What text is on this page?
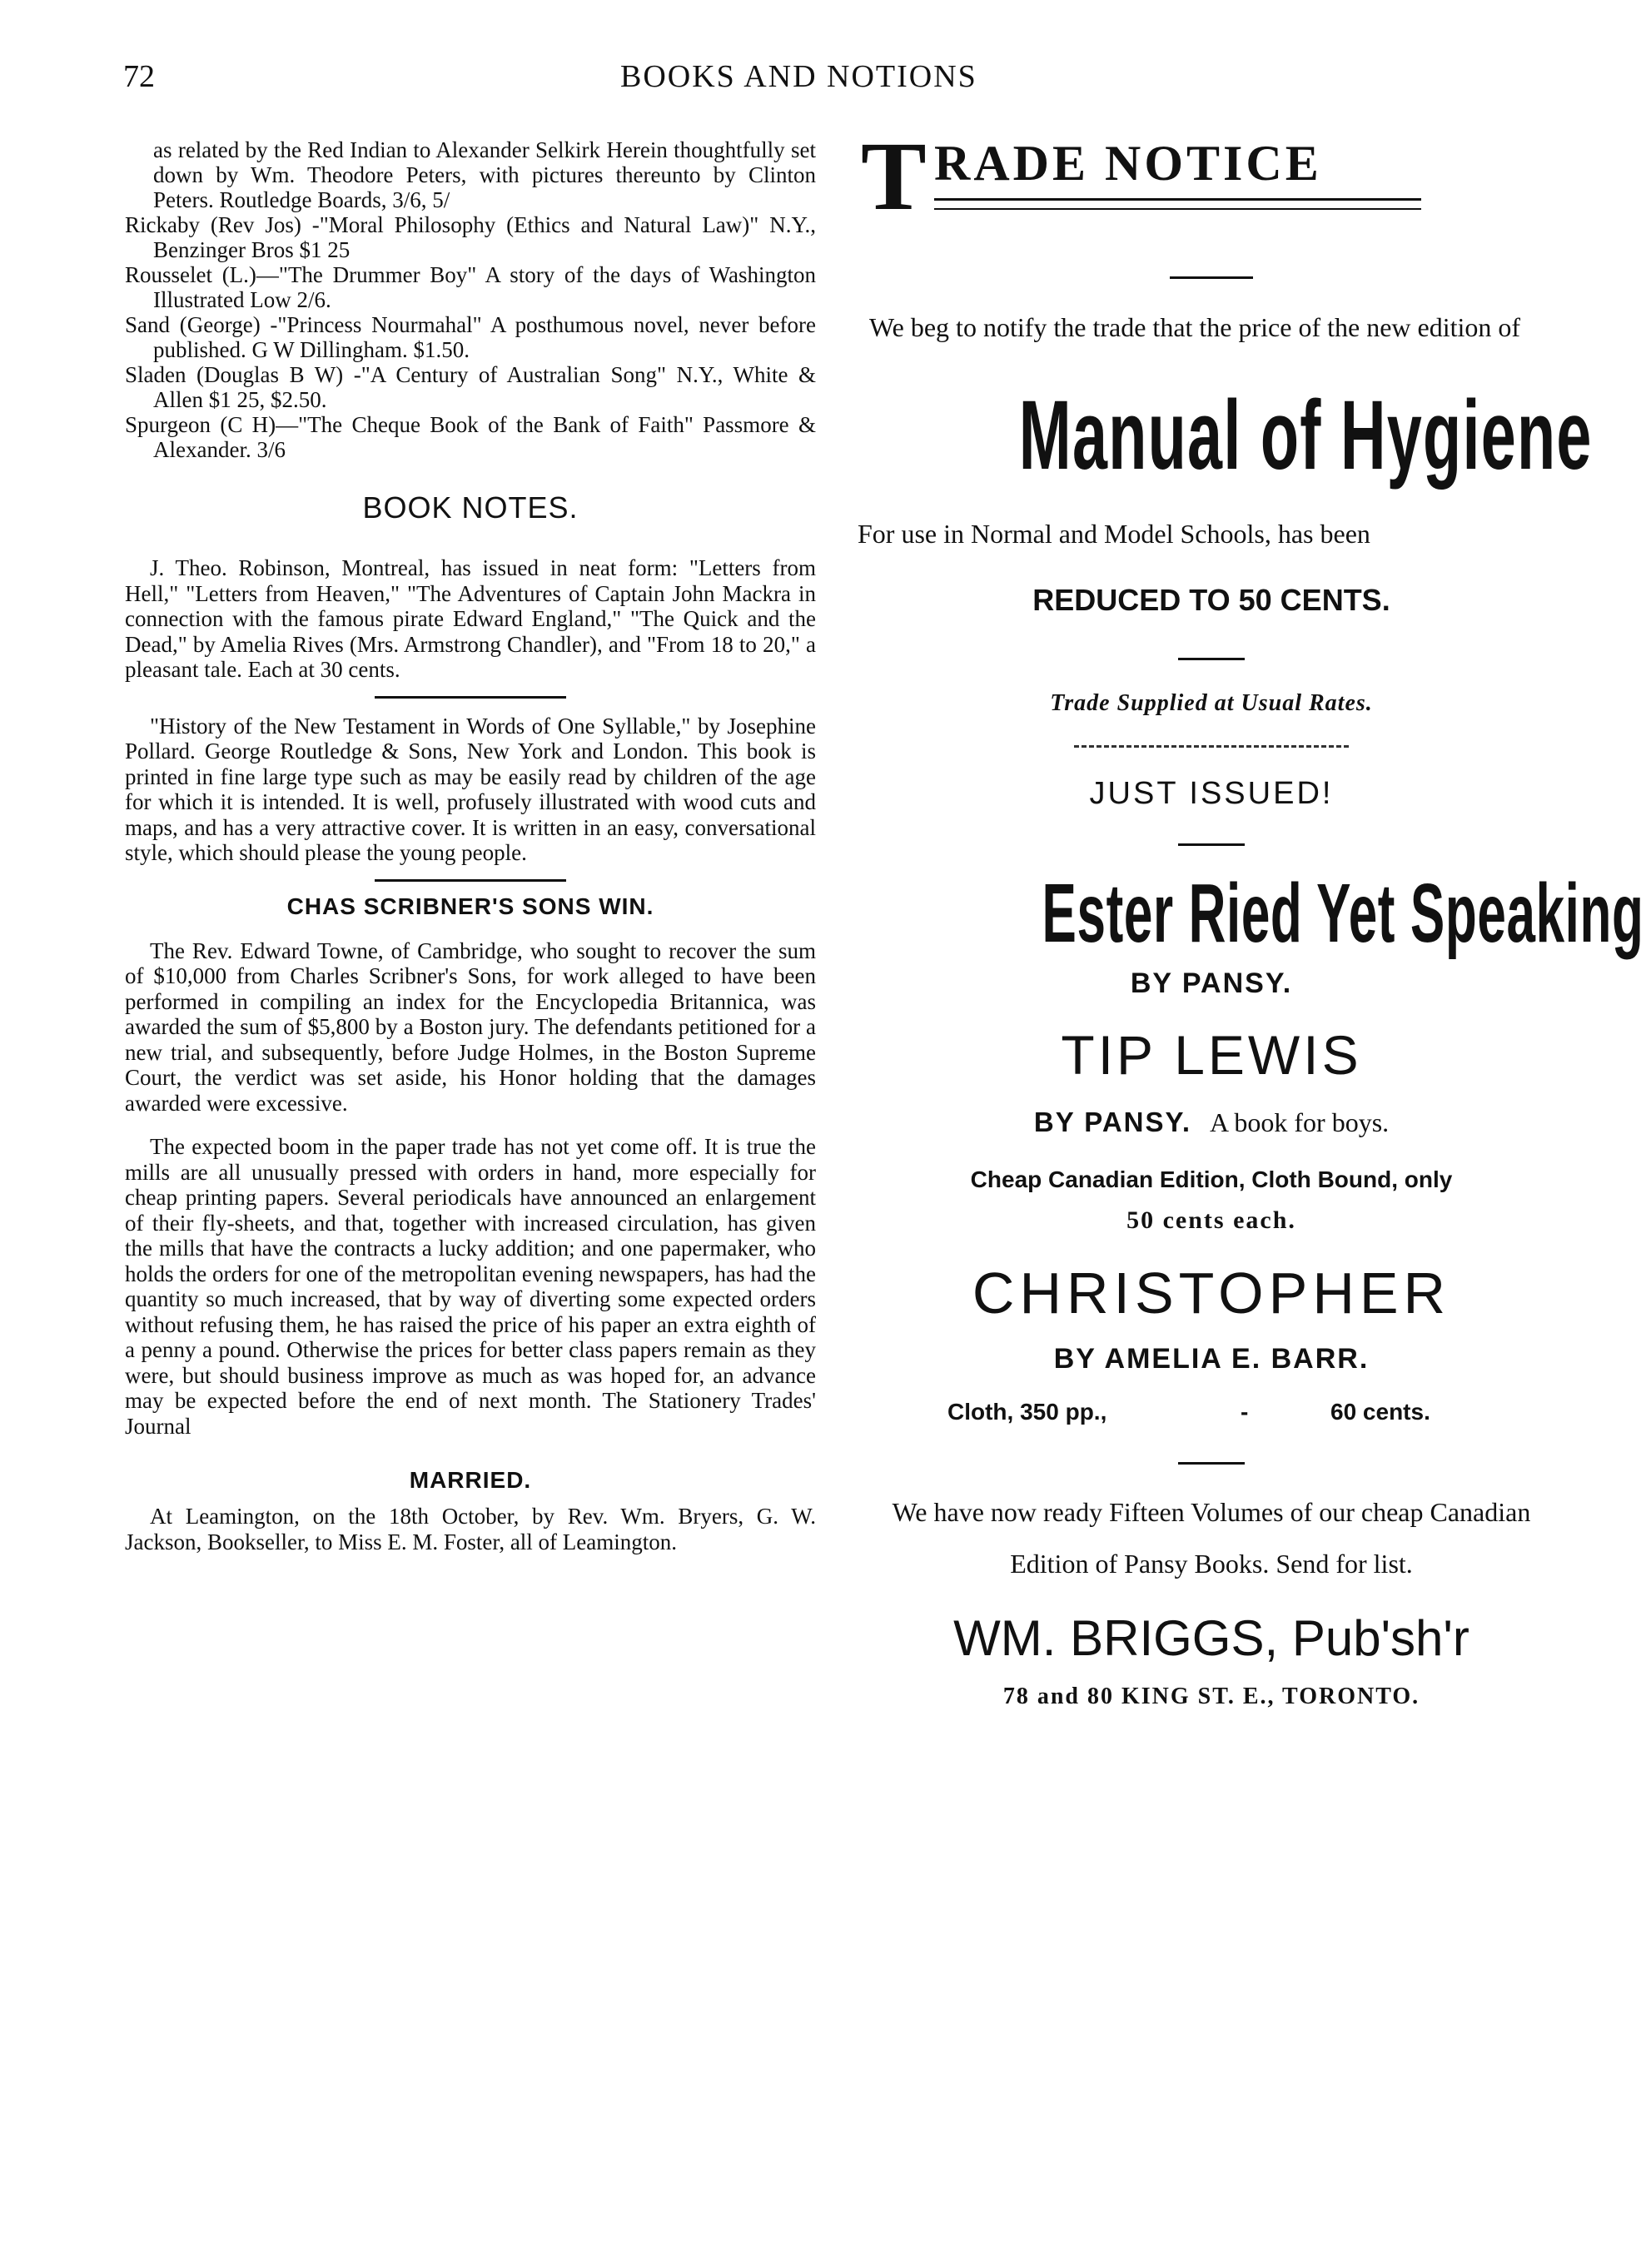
72	BOOKS AND NOTIONS

as related by the Red Indian to Alexander Selkirk Herein thoughtfully set down by Wm. Theodore Peters, with pictures thereunto by Clinton Peters. Routledge Boards, 3/6, 5/

Rickaby (Rev Jos) -"Moral Philosophy (Ethics and Natural Law)" N.Y., Benzinger Bros $1 25

Rousselet (L.)—"The Drummer Boy" A story of the days of Washington Illustrated Low 2/6.

Sand (George) -"Princess Nourmahal" A posthumous novel, never before published. G W Dillingham. $1.50.

Sladen (Douglas B W) -"A Century of Australian Song" N.Y., White & Allen $1 25, $2.50.

Spurgeon (C H)—"The Cheque Book of the Bank of Faith" Passmore & Alexander. 3/6

BOOK NOTES.

J. Theo. Robinson, Montreal, has issued in neat form: "Letters from Hell," "Letters from Heaven," "The Adventures of Captain John Mackra in connection with the famous pirate Edward England," "The Quick and the Dead," by Amelia Rives (Mrs. Armstrong Chandler), and "From 18 to 20," a pleasant tale. Each at 30 cents.

"History of the New Testament in Words of One Syllable," by Josephine Pollard. George Routledge & Sons, New York and London. This book is printed in fine large type such as may be easily read by children of the age for which it is intended. It is well, profusely illustrated with wood cuts and maps, and has a very attractive cover. It is written in an easy, conversational style, which should please the young people.

CHAS SCRIBNER'S SONS WIN.

The Rev. Edward Towne, of Cambridge, who sought to recover the sum of $10,000 from Charles Scribner's Sons, for work alleged to have been performed in compiling an index for the Encyclopedia Britannica, was awarded the sum of $5,800 by a Boston jury. The defendants petitioned for a new trial, and subsequently, before Judge Holmes, in the Boston Supreme Court, the verdict was set aside, his Honor holding that the damages awarded were excessive.

The expected boom in the paper trade has not yet come off. It is true the mills are all unusually pressed with orders in hand, more especially for cheap printing papers. Several periodicals have announced an enlargement of their fly-sheets, and that, together with increased circulation, has given the mills that have the contracts a lucky addition; and one papermaker, who holds the orders for one of the metropolitan evening newspapers, has had the quantity so much increased, that by way of diverting some expected orders without refusing them, he has raised the price of his paper an extra eighth of a penny a pound. Otherwise the prices for better class papers remain as they were, but should business improve as much as was hoped for, an advance may be expected before the end of next month. The Stationery Trades' Journal

MARRIED.

At Leamington, on the 18th October, by Rev. Wm. Bryers, G. W. Jackson, Bookseller, to Miss E. M. Foster, all of Leamington.

T RADE NOTICE

We beg to notify the trade that the price of the new edition of

Manual of Hygiene

For use in Normal and Model Schools, has been

REDUCED TO 50 CENTS.
Trade Supplied at Usual Rates.
JUST ISSUED!
Ester Ried Yet Speaking
BY PANSY.
TIP LEWIS
BY PANSY. A book for boys.
Cheap Canadian Edition, Cloth Bound, only
50 cents each.
CHRISTOPHER
BY AMELIA E. BARR.
Cloth, 350 pp.,	-	60 cents.

We have now ready Fifteen Volumes of our cheap Canadian Edition of Pansy Books. Send for list.

WM. BRIGGS, Pub'sh'r
78 and 80 KING ST. E., TORONTO.
